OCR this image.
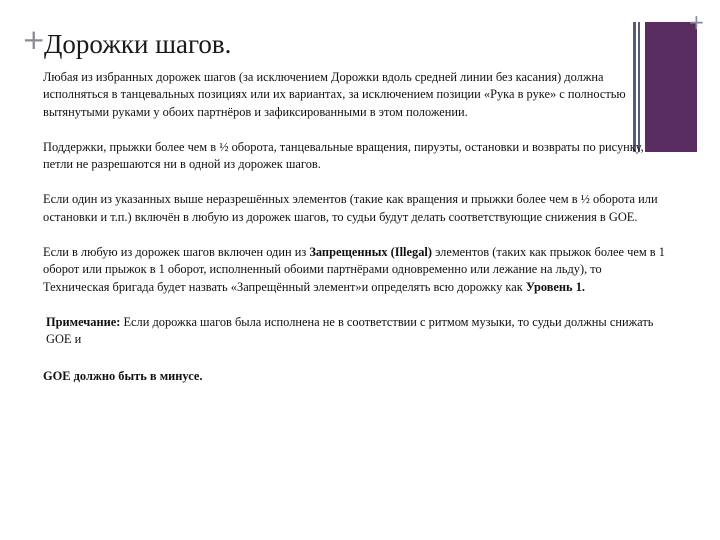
+
Дорожки шагов.
+

Любая из избранных дорожек шагов (за исключением Дорожки вдоль средней линии без касания) должна исполняться в танцевальных позициях или их вариантах, за исключением позиции «Рука в руке» с полностью вытянутыми руками у обоих партнёров и зафиксированными в этом положении.

Поддержки, прыжки более чем в ½ оборота, танцевальные вращения, пируэты, остановки и возвраты по рисунку, петли не разрешаются ни в одной из дорожек шагов.

Если один из указанных выше неразрешённых элементов (такие как вращения и прыжки более чем в ½ оборота или остановки и т.п.) включён в любую из дорожек шагов, то судьи будут делать соответствующие снижения в GOE.

Если в любую из дорожек шагов включен один из Запрещенных (Illegal) элементов (таких как прыжок более чем в 1 оборот или прыжок в 1 оборот, исполненный обоими партнёрами одновременно или лежание на льду), то Техническая бригада будет назвать «Запрещённый элемент»и определять всю дорожку как Уровень 1.

Примечание: Если дорожка шагов была исполнена не в соответствии с ритмом музыки, то судьи должны снижать GOE и

GOE должно быть в минусе.
